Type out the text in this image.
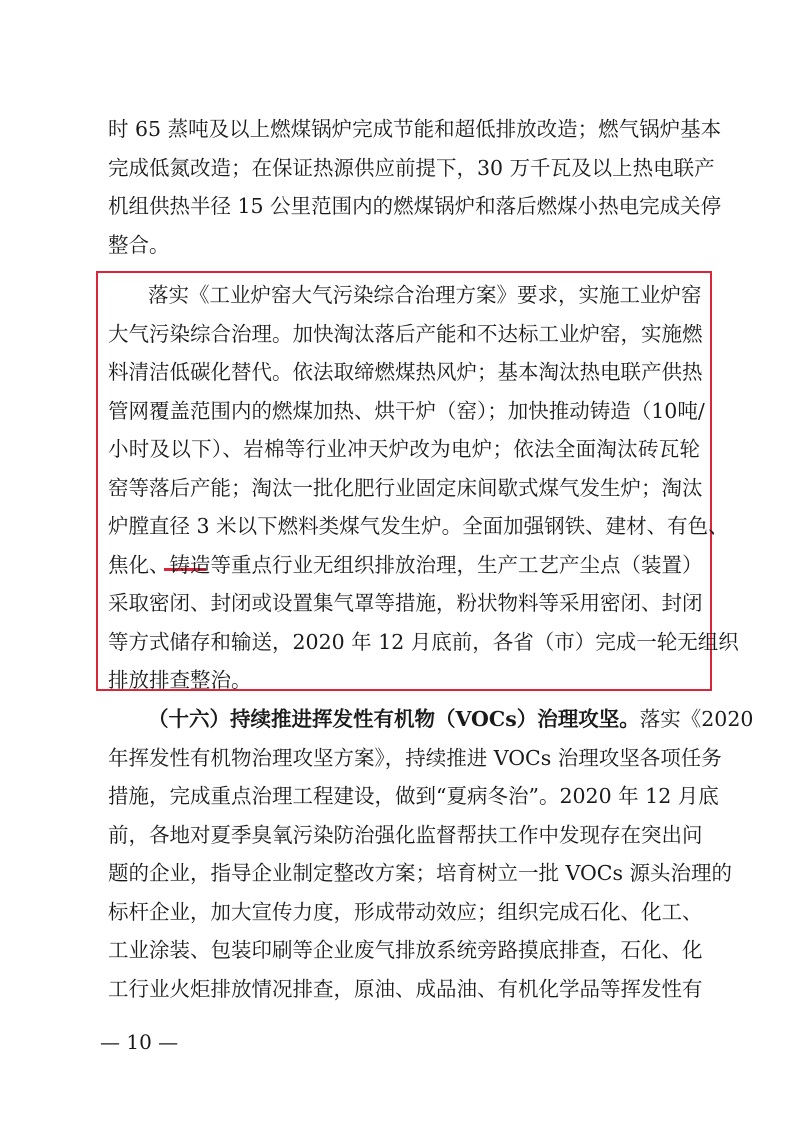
时 65 蒸吨及以上燃煤锅炉完成节能和超低排放改造；燃气锅炉基本
完成低氮改造；在保证热源供应前提下，30 万千瓦及以上热电联产
机组供热半径 15 公里范围内的燃煤锅炉和落后燃煤小热电完成关停
整合。
落实《工业炉窑大气污染综合治理方案》要求，实施工业炉窑
大气污染综合治理。加快淘汰落后产能和不达标工业炉窑，实施燃
料清洁低碳化替代。依法取缔燃煤热风炉；基本淘汰热电联产供热
管网覆盖范围内的燃煤加热、烘干炉（窑）；加快推动铸造（10吨/
小时及以下）、岩棉等行业冲天炉改为电炉；依法全面淘汰砖瓦轮
窑等落后产能；淘汰一批化肥行业固定床间歇式煤气发生炉；淘汰
炉膛直径 3 米以下燃料类煤气发生炉。全面加强钢铁、建材、有色、
焦化、铸造等重点行业无组织排放治理，生产工艺产尘点（装置）
采取密闭、封闭或设置集气罩等措施，粉状物料等采用密闭、封闭
等方式储存和输送，2020 年 12 月底前，各省（市）完成一轮无组织
排放排查整治。
（十六）持续推进挥发性有机物（VOCs）治理攻坚。落实《2020
年挥发性有机物治理攻坚方案》，持续推进 VOCs 治理攻坚各项任务
措施，完成重点治理工程建设，做到“夏病冬治”。2020 年 12 月底
前，各地对夏季臭氧污染防治强化监督帮扶工作中发现存在突出问
题的企业，指导企业制定整改方案；培育树立一批 VOCs 源头治理的
标杆企业，加大宣传力度，形成带动效应；组织完成石化、化工、
工业涂装、包装印刷等企业废气排放系统旁路摸底排查，石化、化
工行业火炬排放情况排查，原油、成品油、有机化学品等挥发性有
— 10 —
